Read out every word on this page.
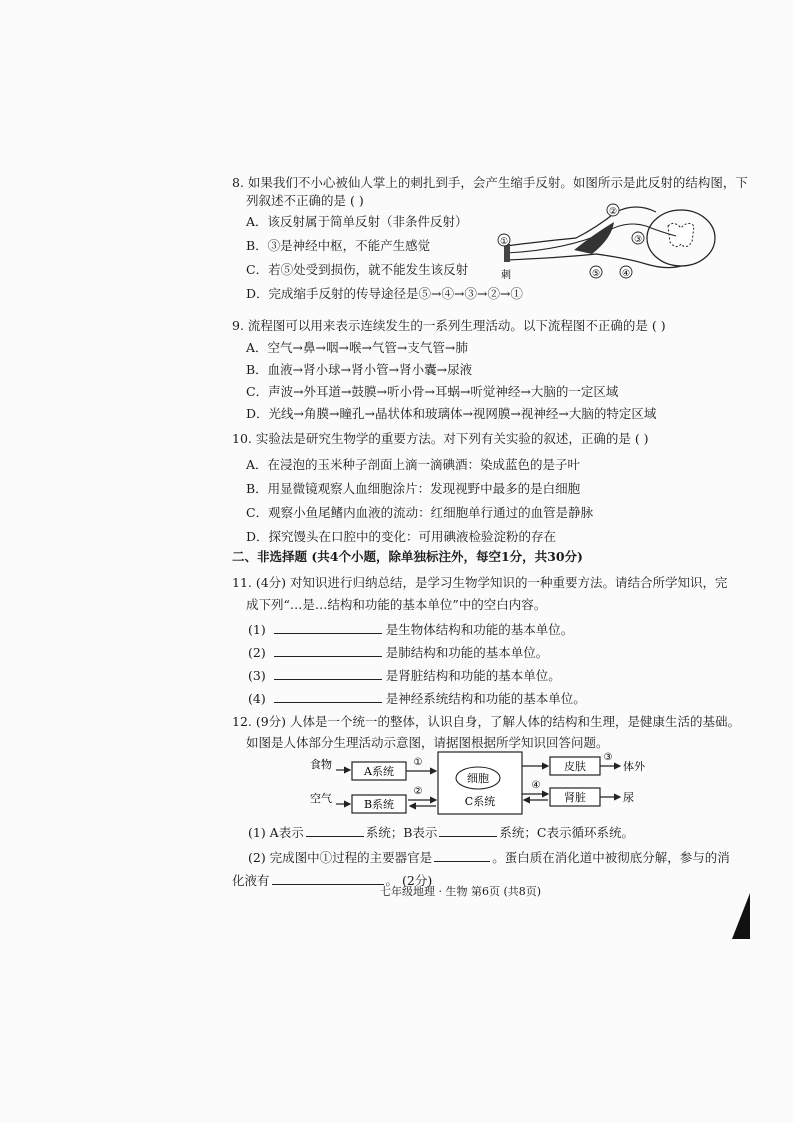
8. 如果我们不小心被仙人掌上的刺扎到手，会产生缩手反射。如图所示是此反射的结构图，下
列叙述不正确的是 ( )
A．该反射属于简单反射（非条件反射）
B．③是神经中枢，不能产生感觉
C．若⑤处受到损伤，就不能发生该反射
D．完成缩手反射的传导途径是⑤→④→③→②→①
②
③
①
⑤ ④
刺
9. 流程图可以用来表示连续发生的一系列生理活动。以下流程图不正确的是 ( )
A．空气→鼻→咽→喉→气管→支气管→肺
B．血液→肾小球→肾小管→肾小囊→尿液
C．声波→外耳道→鼓膜→听小骨→耳蜗→听觉神经→大脑的一定区域
D．光线→角膜→瞳孔→晶状体和玻璃体→视网膜→视神经→大脑的特定区域
10. 实验法是研究生物学的重要方法。对下列有关实验的叙述，正确的是 ( )
A．在浸泡的玉米种子剖面上滴一滴碘酒：染成蓝色的是子叶
B．用显微镜观察人血细胞涂片：发现视野中最多的是白细胞
C．观察小鱼尾鳍内血液的流动：红细胞单行通过的血管是静脉
D．探究馒头在口腔中的变化：可用碘液检验淀粉的存在
二、非选择题 (共4个小题，除单独标注外，每空1分，共30分)
11. (4分) 对知识进行归纳总结，是学习生物学知识的一种重要方法。请结合所学知识，完
成下列“…是…结构和功能的基本单位”中的空白内容。
(1)	是生物体结构和功能的基本单位。
(2)	是肺结构和功能的基本单位。
(3)	是肾脏结构和功能的基本单位。
(4)	是神经系统结构和功能的基本单位。
12. (9分) 人体是一个统一的整体，认识自身，了解人体的结构和生理，是健康生活的基础。
如图是人体部分生理活动示意图，请据图根据所学知识回答问题。
食物
空气
A系统
B系统
①
②
细胞
C系统
皮肤
③
体外
④
肾脏	尿
(1) A表示	系统；B表示	系统；C表示循环系统。
(2) 完成图中①过程的主要器官是	。蛋白质在消化道中被彻底分解，参与的消
化液有	。 (2分)
七年级地理 · 生物 第6页 (共8页)
